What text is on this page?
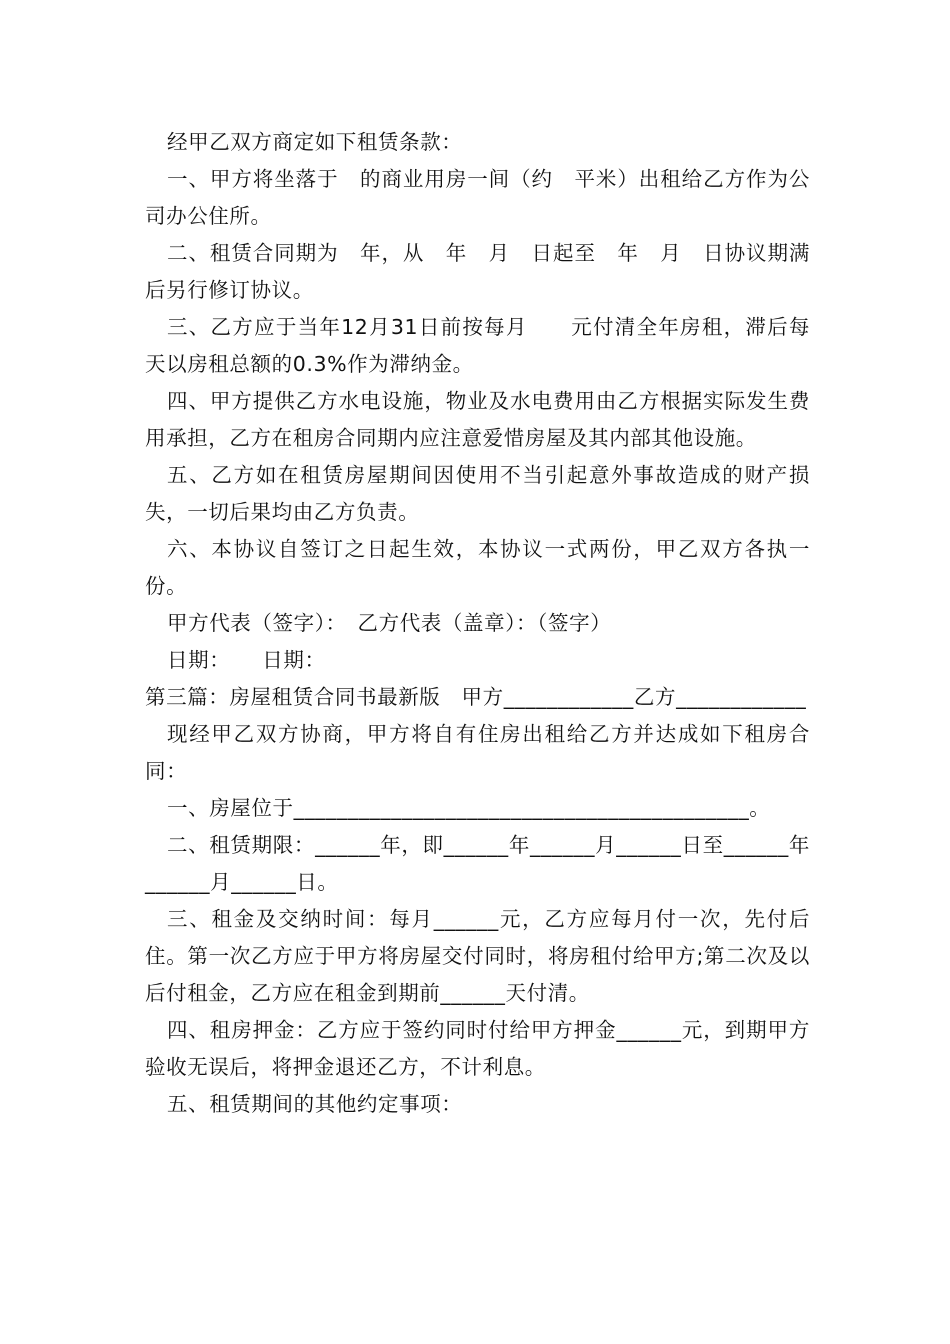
经甲乙双方商定如下租赁条款：

一、甲方将坐落于　的商业用房一间（约　平米）出租给乙方作为公司办公住所。

二、租赁合同期为　年，从　年　月　日起至　年　月　日协议期满后另行修订协议。

三、乙方应于当年12月31日前按每月　　元付清全年房租，滞后每天以房租总额的0.3%作为滞纳金。

四、甲方提供乙方水电设施，物业及水电费用由乙方根据实际发生费用承担，乙方在租房合同期内应注意爱惜房屋及其内部其他设施。

五、乙方如在租赁房屋期间因使用不当引起意外事故造成的财产损失，一切后果均由乙方负责。

六、本协议自签订之日起生效，本协议一式两份，甲乙双方各执一份。

甲方代表（签字）：　乙方代表（盖章）：（签字）

日期：　　日期：

第三篇：房屋租赁合同书最新版　甲方____________乙方____________

现经甲乙双方协商，甲方将自有住房出租给乙方并达成如下租房合同：

一、房屋位于__________________________________________。

二、租赁期限：______年，即______年______月______日至______年______月______日。

三、租金及交纳时间：每月______元，乙方应每月付一次，先付后住。第一次乙方应于甲方将房屋交付同时，将房租付给甲方;第二次及以后付租金，乙方应在租金到期前______天付清。

四、租房押金：乙方应于签约同时付给甲方押金______元，到期甲方验收无误后，将押金退还乙方，不计利息。

五、租赁期间的其他约定事项：
